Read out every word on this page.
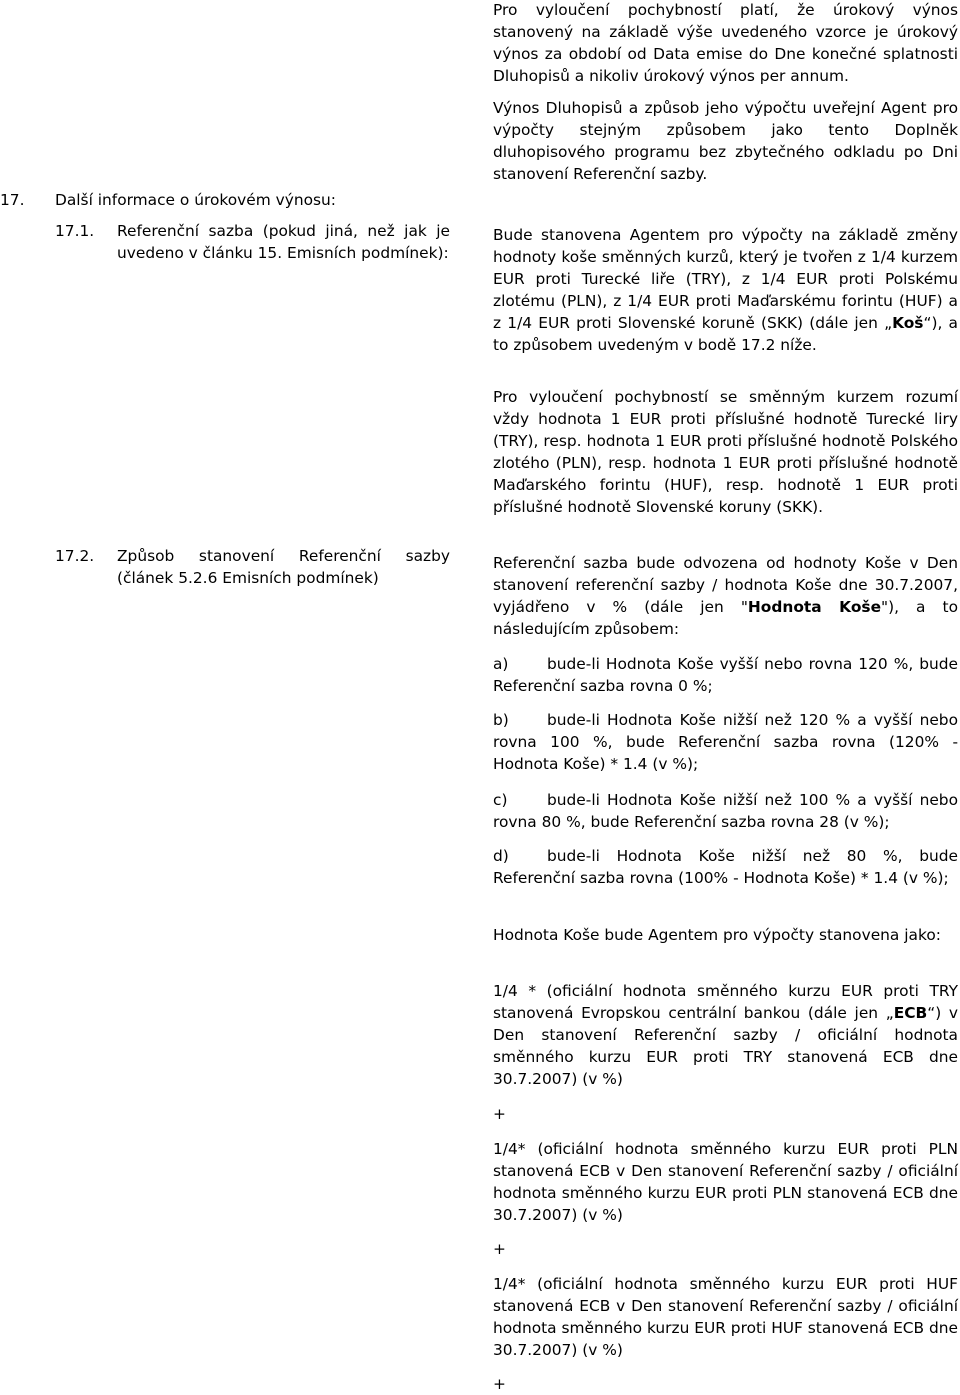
17. Další informace o úrokovém výnosu:
17.1. Referenční sazba (pokud jiná, než jak je uvedeno v článku 15. Emisních podmínek):
17.2. Způsob stanovení Referenční sazby (článek 5.2.6 Emisních podmínek)

Pro vyloučení pochybností platí, že úrokový výnos stanovený na základě výše uvedeného vzorce je úrokový výnos za období od Data emise do Dne konečné splatnosti Dluhopisů a nikoliv úrokový výnos per annum.

Výnos Dluhopisů a způsob jeho výpočtu uveřejní Agent pro výpočty stejným způsobem jako tento Doplněk dluhopisového programu bez zbytečného odkladu po Dni stanovení Referenční sazby.

Bude stanovena Agentem pro výpočty na základě změny hodnoty koše směnných kurzů, který je tvořen z 1/4 kurzem EUR proti Turecké liře (TRY), z 1/4 EUR proti Polskému zlotému (PLN), z 1/4 EUR proti Maďarskému forintu (HUF) a z 1/4 EUR proti Slovenské koruně (SKK) (dále jen „Koš“), a to způsobem uvedeným v bodě 17.2 níže.

Pro vyloučení pochybností se směnným kurzem rozumí vždy hodnota 1 EUR proti příslušné hodnotě Turecké liry (TRY), resp. hodnota 1 EUR proti příslušné hodnotě Polského zlotého (PLN), resp. hodnota 1 EUR proti příslušné hodnotě Maďarského forintu (HUF), resp. hodnotě 1 EUR proti příslušné hodnotě Slovenské koruny (SKK).

Referenční sazba bude odvozena od hodnoty Koše v Den stanovení referenční sazby / hodnota Koše dne 30.7.2007, vyjádřeno v % (dále jen "Hodnota Koše"), a to následujícím způsobem:

a)	bude-li Hodnota Koše vyšší nebo rovna 120 %, bude Referenční sazba rovna 0 %;

b) bude-li Hodnota Koše nižší než 120 % a vyšší nebo rovna 100 %, bude Referenční sazba rovna (120% - Hodnota Koše) * 1.4 (v %);

c)	bude-li Hodnota Koše nižší než 100 % a vyšší nebo rovna 80 %, bude Referenční sazba rovna 28 (v %);

d) bude-li Hodnota Koše nižší než 80 %, bude Referenční sazba rovna (100% - Hodnota Koše) * 1.4 (v %);

Hodnota Koše bude Agentem pro výpočty stanovena jako:

1/4 * (oficiální hodnota směnného kurzu EUR proti TRY stanovená Evropskou centrální bankou (dále jen „ECB“) v Den stanovení Referenční sazby / oficiální hodnota směnného kurzu EUR proti TRY stanovená ECB dne 30.7.2007) (v %)

+

1/4* (oficiální hodnota směnného kurzu EUR proti PLN stanovená ECB v Den stanovení Referenční sazby / oficiální hodnota směnného kurzu EUR proti PLN stanovená ECB dne 30.7.2007) (v %)

+

1/4* (oficiální hodnota směnného kurzu EUR proti HUF stanovená ECB v Den stanovení Referenční sazby / oficiální hodnota směnného kurzu EUR proti HUF stanovená ECB dne 30.7.2007) (v %)

+
